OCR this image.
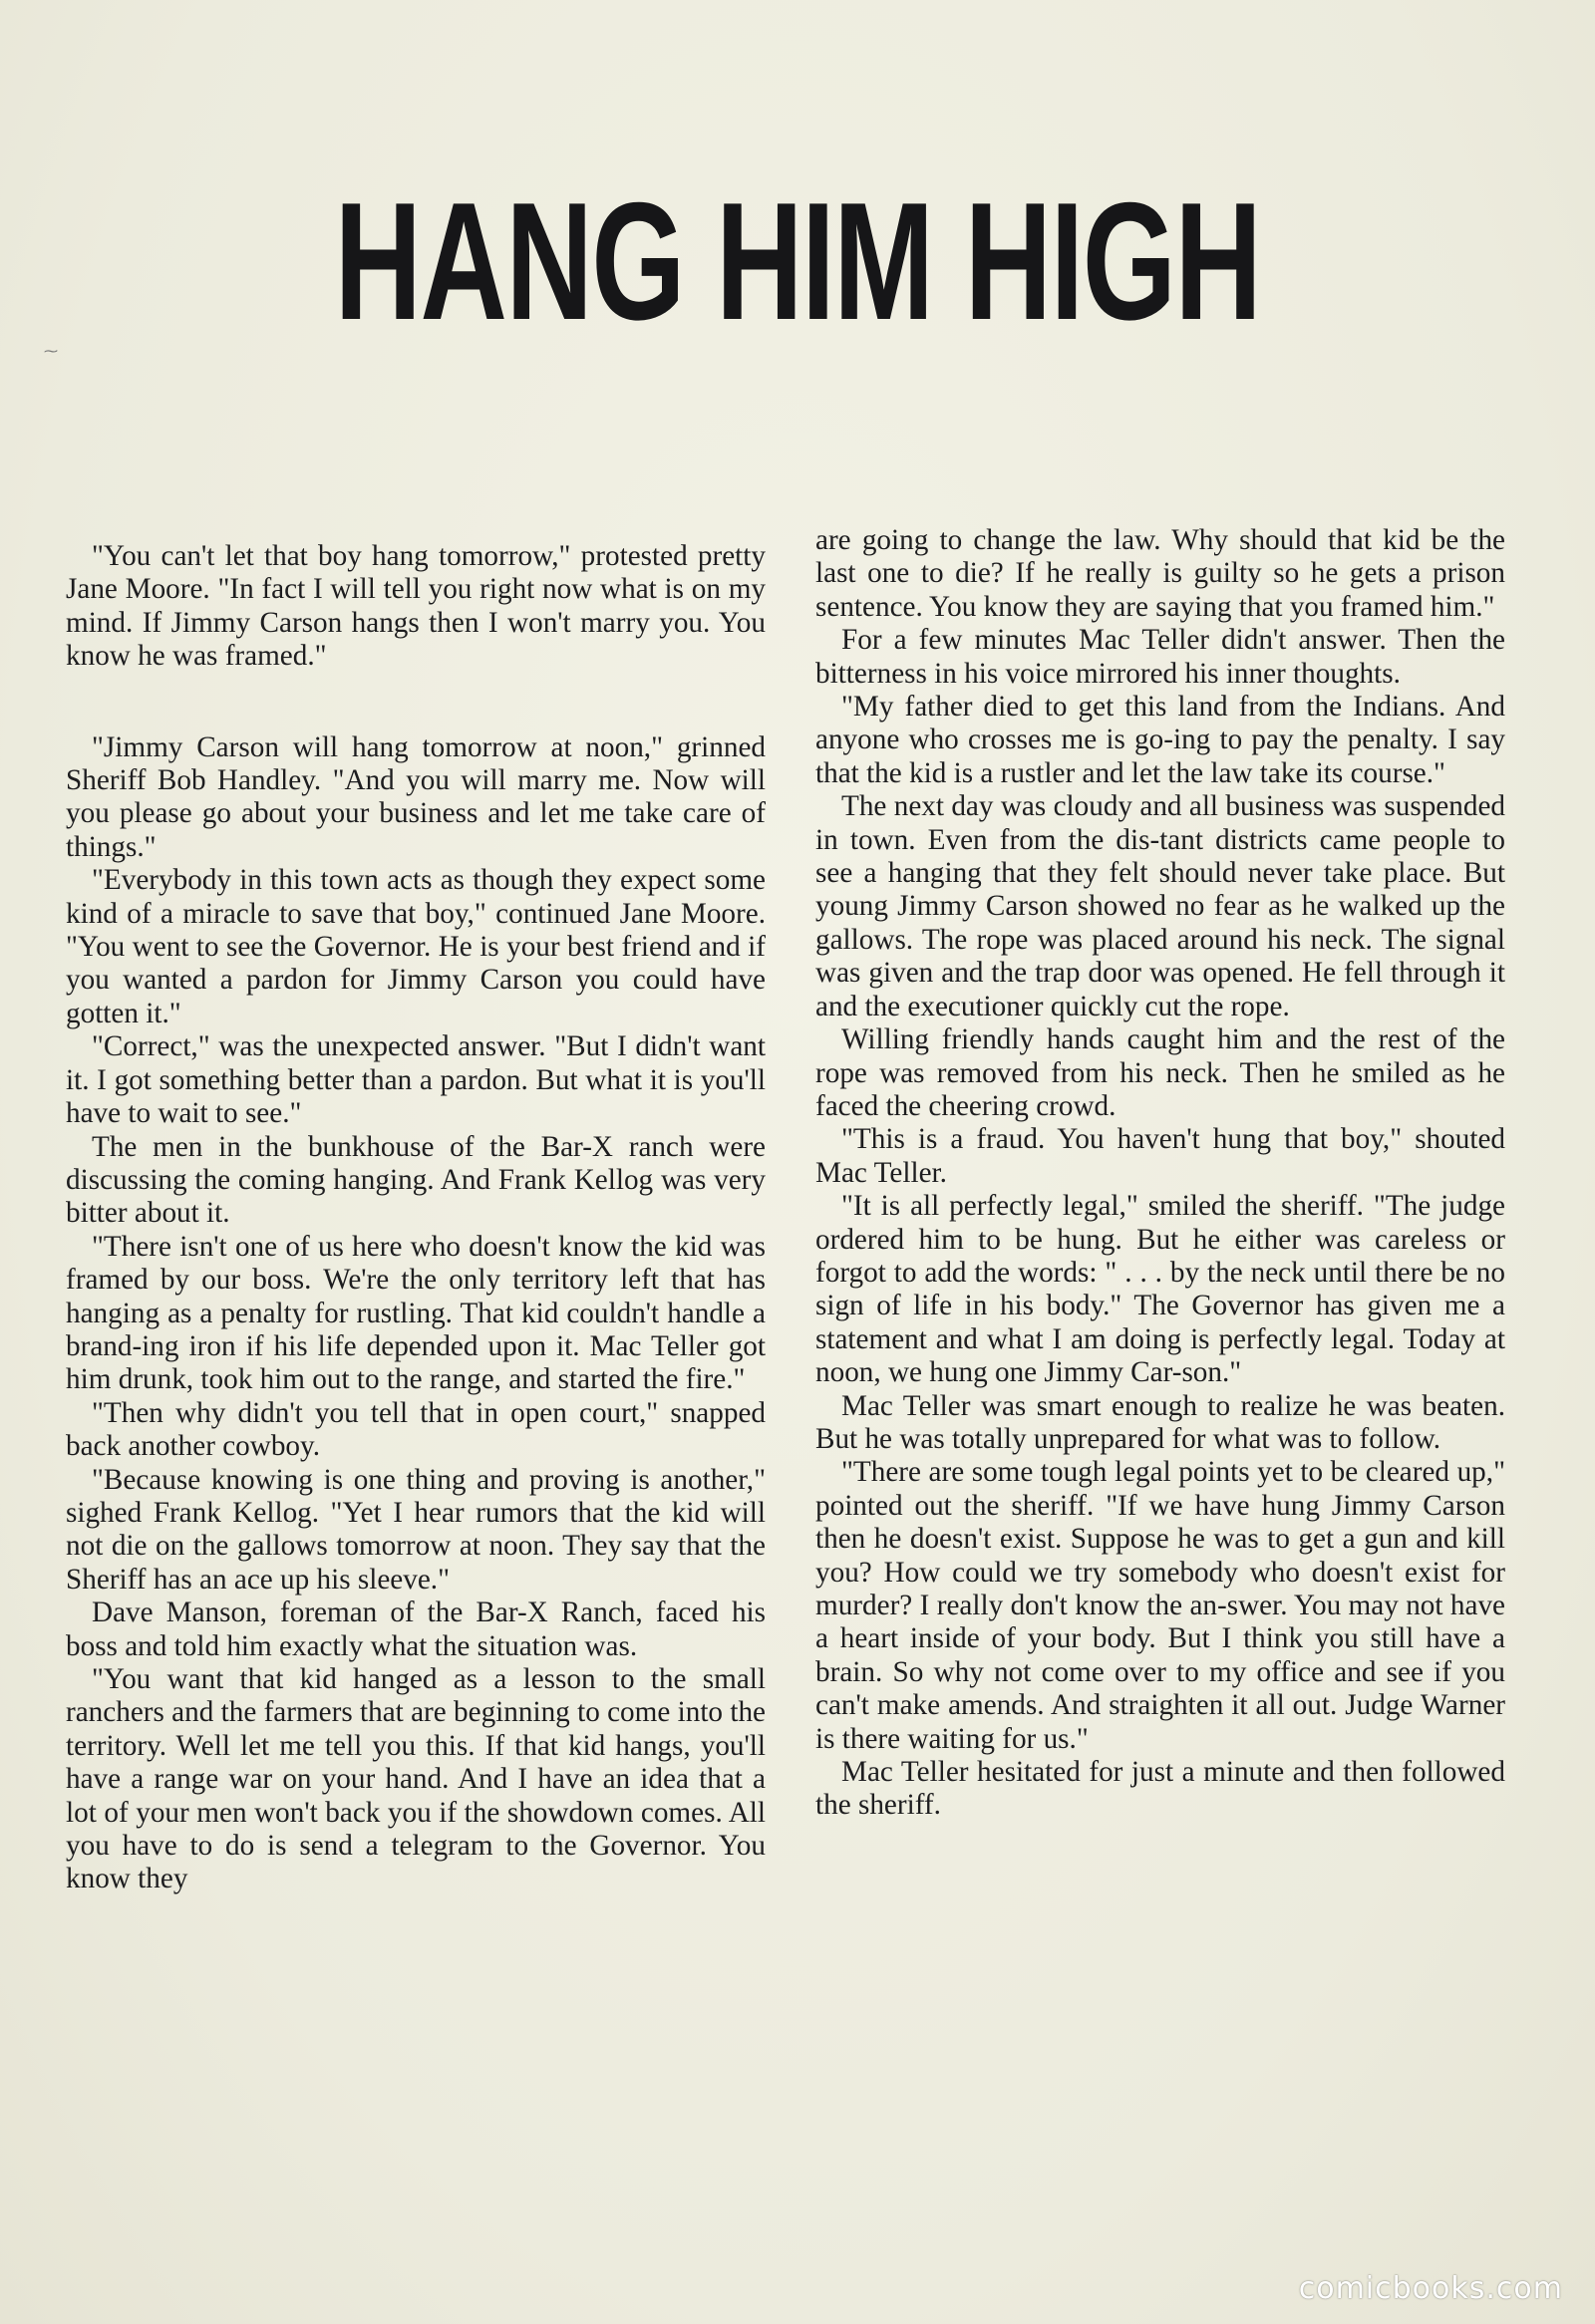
⁓	HANG HIM HIGH

"You can't let that boy hang tomorrow," protested pretty Jane Moore. "In fact I will tell you right now what is on my mind. If Jimmy Carson hangs then I won't marry you. You know he was framed."

"Jimmy Carson will hang tomorrow at noon," grinned Sheriff Bob Handley. "And you will marry me. Now will you please go about your business and let me take care of things."

"Everybody in this town acts as though they expect some kind of a miracle to save that boy," continued Jane Moore. "You went to see the Governor. He is your best friend and if you wanted a pardon for Jimmy Carson you could have gotten it."

"Correct," was the unexpected answer. "But I didn't want it. I got something better than a pardon. But what it is you'll have to wait to see."

The men in the bunkhouse of the Bar-X ranch were discussing the coming hanging. And Frank Kellog was very bitter about it.

"There isn't one of us here who doesn't know the kid was framed by our boss. We're the only territory left that has hanging as a penalty for rustling. That kid couldn't handle a brand-ing iron if his life depended upon it. Mac Teller got him drunk, took him out to the range, and started the fire."

"Then why didn't you tell that in open court," snapped back another cowboy.

"Because knowing is one thing and proving is another," sighed Frank Kellog. "Yet I hear rumors that the kid will not die on the gallows tomorrow at noon. They say that the Sheriff has an ace up his sleeve."

Dave Manson, foreman of the Bar-X Ranch, faced his boss and told him exactly what the situation was.

"You want that kid hanged as a lesson to the small ranchers and the farmers that are beginning to come into the territory. Well let me tell you this. If that kid hangs, you'll have a range war on your hand. And I have an idea that a lot of your men won't back you if the showdown comes. All you have to do is send a telegram to the Governor. You know they

are going to change the law. Why should that kid be the last one to die? If he really is guilty so he gets a prison sentence. You know they are saying that you framed him."

For a few minutes Mac Teller didn't answer. Then the bitterness in his voice mirrored his inner thoughts.

"My father died to get this land from the Indians. And anyone who crosses me is go-ing to pay the penalty. I say that the kid is a rustler and let the law take its course."

The next day was cloudy and all business was suspended in town. Even from the dis-tant districts came people to see a hanging that they felt should never take place. But young Jimmy Carson showed no fear as he walked up the gallows. The rope was placed around his neck. The signal was given and the trap door was opened. He fell through it and the executioner quickly cut the rope.

Willing friendly hands caught him and the rest of the rope was removed from his neck. Then he smiled as he faced the cheering crowd.

"This is a fraud. You haven't hung that boy," shouted Mac Teller.

"It is all perfectly legal," smiled the sheriff. "The judge ordered him to be hung. But he either was careless or forgot to add the words: " . . . by the neck until there be no sign of life in his body." The Governor has given me a statement and what I am doing is perfectly legal. Today at noon, we hung one Jimmy Car-son."

Mac Teller was smart enough to realize he was beaten. But he was totally unprepared for what was to follow.

"There are some tough legal points yet to be cleared up," pointed out the sheriff. "If we have hung Jimmy Carson then he doesn't exist. Suppose he was to get a gun and kill you? How could we try somebody who doesn't exist for murder? I really don't know the an-swer. You may not have a heart inside of your body. But I think you still have a brain. So why not come over to my office and see if you can't make amends. And straighten it all out. Judge Warner is there waiting for us."

Mac Teller hesitated for just a minute and then followed the sheriff.

comicbooks.com
